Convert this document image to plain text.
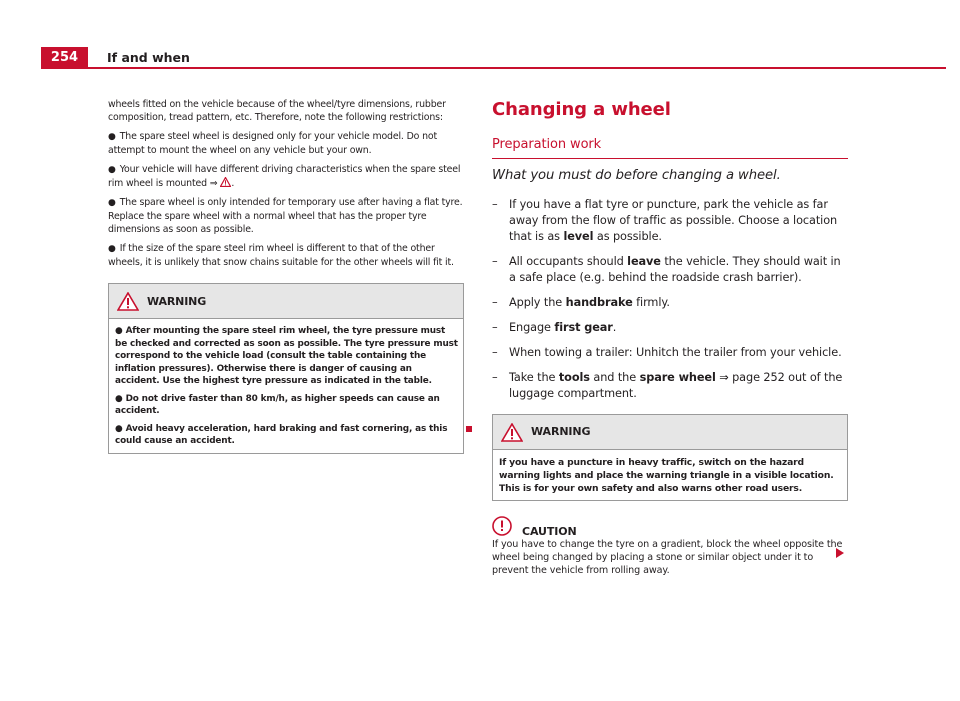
254	If and when

wheels fitted on the vehicle because of the wheel/tyre dimensions, rubber composition, tread pattern, etc. Therefore, note the following restrictions:

● The spare steel wheel is designed only for your vehicle model. Do not attempt to mount the wheel on any vehicle but your own.
● Your vehicle will have different driving characteristics when the spare steel rim wheel is mounted ⇒ .
● The spare wheel is only intended for temporary use after having a flat tyre. Replace the spare wheel with a normal wheel that has the proper tyre dimensions as soon as possible.
● If the size of the spare steel rim wheel is different to that of the other wheels, it is unlikely that snow chains suitable for the other wheels will fit it.
WARNING

● After mounting the spare steel rim wheel, the tyre pressure must be checked and corrected as soon as possible. The tyre pressure must correspond to the vehicle load (consult the table containing the inflation pressures). Otherwise there is danger of causing an accident. Use the highest tyre pressure as indicated in the table.

● Do not drive faster than 80 km/h, as higher speeds can cause an accident.

● Avoid heavy acceleration, hard braking and fast cornering, as this could cause an accident.

Changing a wheel
Preparation work

What you must do before changing a wheel.

– If you have a flat tyre or puncture, park the vehicle as far away from the flow of traffic as possible. Choose a location that is as level as possible.
– All occupants should leave the vehicle. They should wait in a safe place (e.g. behind the roadside crash barrier).
– Apply the handbrake firmly.
– Engage first gear.
– When towing a trailer: Unhitch the trailer from your vehicle.
– Take the tools and the spare wheel ⇒ page 252 out of the luggage compartment.
WARNING
If you have a puncture in heavy traffic, switch on the hazard warning lights and place the warning triangle in a visible location. This is for your own safety and also warns other road users.
CAUTION

If you have to change the tyre on a gradient, block the wheel opposite the wheel being changed by placing a stone or similar object under it to prevent the vehicle from rolling away.
